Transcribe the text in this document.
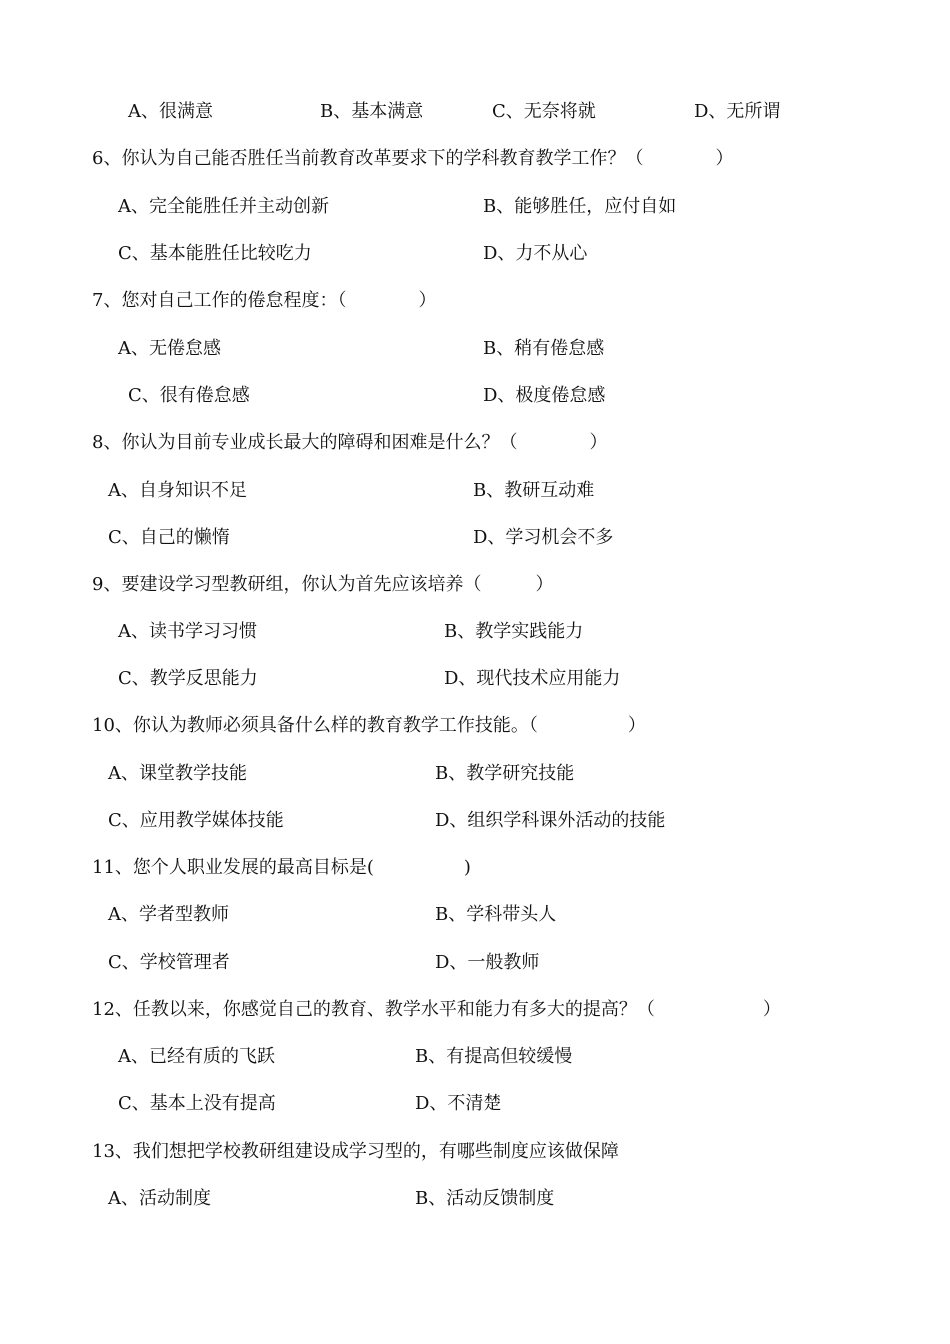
A、很满意	B、基本满意	C、无奈将就	D、无所谓
6、你认为自己能否胜任当前教育改革要求下的学科教育教学工作？（　　　　）
A、完全能胜任并主动创新	B、能够胜任，应付自如
C、基本能胜任比较吃力	D、力不从心
7、您对自己工作的倦怠程度：（　　　　）
A、无倦怠感	B、稍有倦怠感
C、很有倦怠感	D、极度倦怠感
8、你认为目前专业成长最大的障碍和困难是什么？（　　　　）
A、自身知识不足	B、教研互动难
C、自己的懒惰	D、学习机会不多
9、要建设学习型教研组，你认为首先应该培养（　　　）
A、读书学习习惯	B、教学实践能力
C、教学反思能力	D、现代技术应用能力
10、你认为教师必须具备什么样的教育教学工作技能。（　　　　　）
A、课堂教学技能	B、教学研究技能
C、应用教学媒体技能	D、组织学科课外活动的技能
11、您个人职业发展的最高目标是(　　　　　)
A、学者型教师	B、学科带头人
C、学校管理者	D、一般教师
12、任教以来，你感觉自己的教育、教学水平和能力有多大的提高？（　　　　　　）
A、已经有质的飞跃	B、有提高但较缓慢
C、基本上没有提高	D、不清楚
13、我们想把学校教研组建设成学习型的，有哪些制度应该做保障
A、活动制度	B、活动反馈制度
